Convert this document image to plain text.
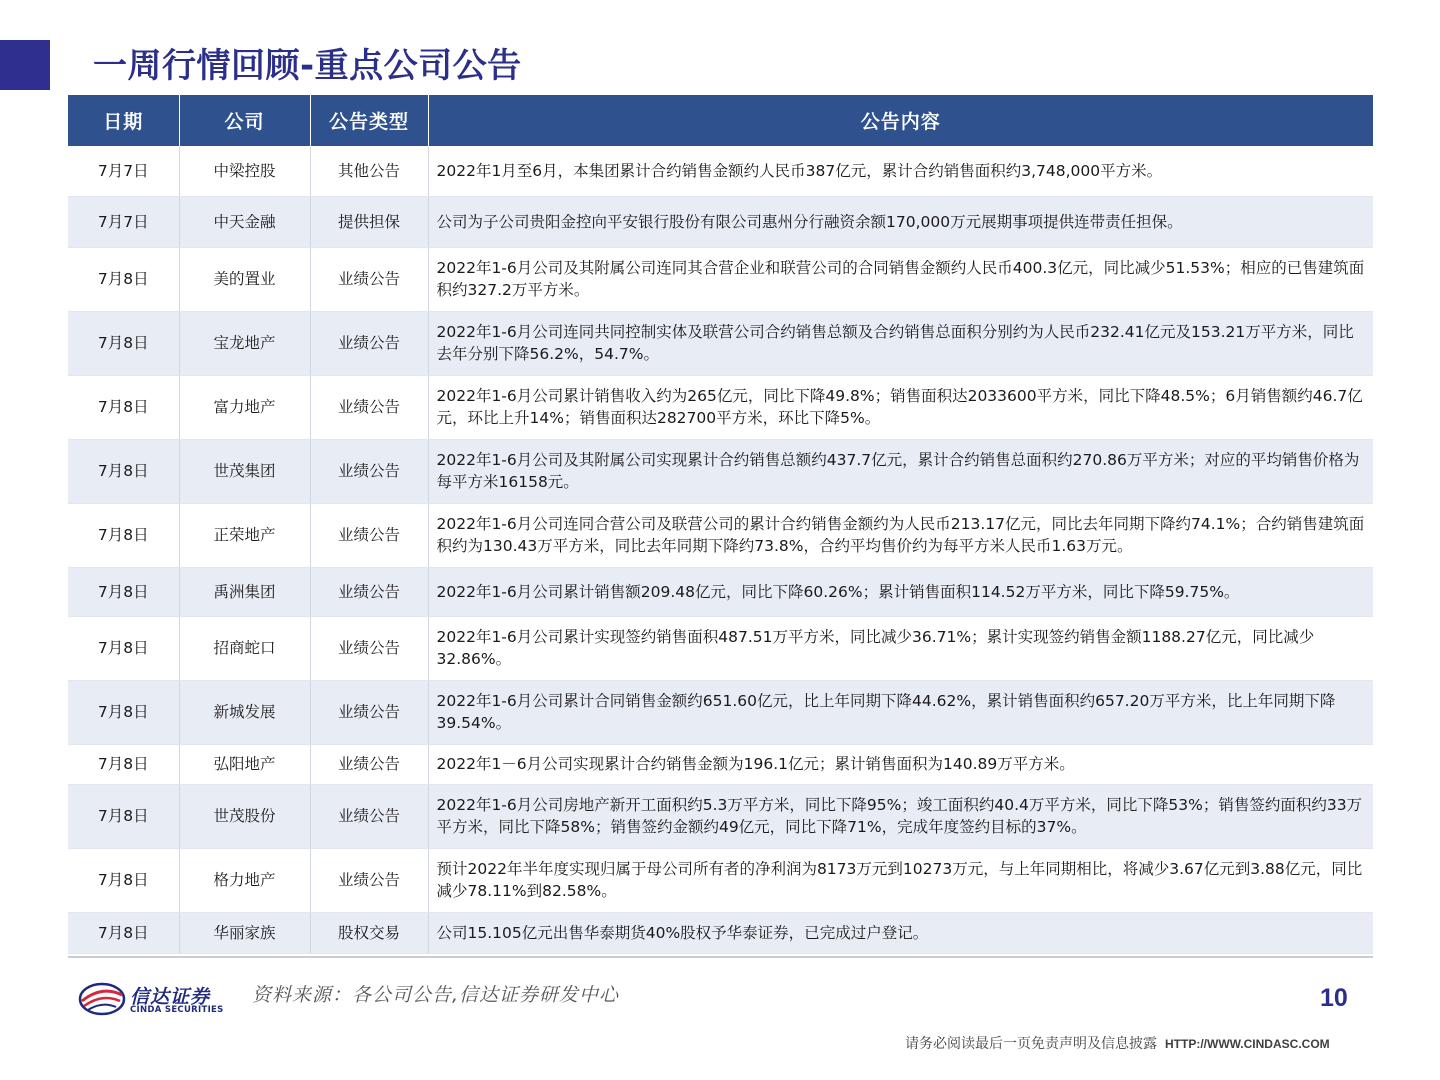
一周行情回顾-重点公司公告
日期	公司	公告类型	公告内容
7月7日	中梁控股	其他公告	2022年1月至6月，本集团累计合约销售金额约人民币387亿元，累计合约销售面积约3,748,000平方米。
7月7日	中天金融	提供担保	公司为子公司贵阳金控向平安银行股份有限公司惠州分行融资余额170,000万元展期事项提供连带责任担保。
7月8日	美的置业	业绩公告	2022年1-6月公司及其附属公司连同其合营企业和联营公司的合同销售金额约人民币400.3亿元，同比减少51.53%；相应的已售建筑面积约327.2万平方米。
7月8日	宝龙地产	业绩公告	2022年1-6月公司连同共同控制实体及联营公司合约销售总额及合约销售总面积分别约为人民币232.41亿元及153.21万平方米，同比去年分别下降56.2%，54.7%。
7月8日	富力地产	业绩公告	2022年1-6月公司累计销售收入约为265亿元，同比下降49.8%；销售面积达2033600平方米，同比下降48.5%；6月销售额约46.7亿元，环比上升14%；销售面积达282700平方米，环比下降5%。
7月8日	世茂集团	业绩公告	2022年1-6月公司及其附属公司实现累计合约销售总额约437.7亿元，累计合约销售总面积约270.86万平方米；对应的平均销售价格为每平方米16158元。
7月8日	正荣地产	业绩公告	2022年1-6月公司连同合营公司及联营公司的累计合约销售金额约为人民币213.17亿元，同比去年同期下降约74.1%；合约销售建筑面积约为130.43万平方米，同比去年同期下降约73.8%，合约平均售价约为每平方米人民币1.63万元。
7月8日	禹洲集团	业绩公告	2022年1-6月公司累计销售额209.48亿元，同比下降60.26%；累计销售面积114.52万平方米，同比下降59.75%。
7月8日	招商蛇口	业绩公告	2022年1-6月公司累计实现签约销售面积487.51万平方米，同比减少36.71%；累计实现签约销售金额1188.27亿元，同比减少32.86%。
7月8日	新城发展	业绩公告	2022年1-6月公司累计合同销售金额约651.60亿元，比上年同期下降44.62%，累计销售面积约657.20万平方米，比上年同期下降39.54%。
7月8日	弘阳地产	业绩公告	2022年1－6月公司实现累计合约销售金额为196.1亿元；累计销售面积为140.89万平方米。
7月8日	世茂股份	业绩公告	2022年1-6月公司房地产新开工面积约5.3万平方米，同比下降95%；竣工面积约40.4万平方米，同比下降53%；销售签约面积约33万平方米，同比下降58%；销售签约金额约49亿元，同比下降71%，完成年度签约目标的37%。
7月8日	格力地产	业绩公告	预计2022年半年度实现归属于母公司所有者的净利润为8173万元到10273万元，与上年同期相比，将减少3.67亿元到3.88亿元，同比减少78.11%到82.58%。
7月8日	华丽家族	股权交易	公司15.105亿元出售华泰期货40%股权予华泰证券，已完成过户登记。
信达证券
CINDA SECURITIES
资料来源：各公司公告,信达证券研发中心	10
请务必阅读最后一页免责声明及信息披露 HTTP://WWW.CINDASC.COM
